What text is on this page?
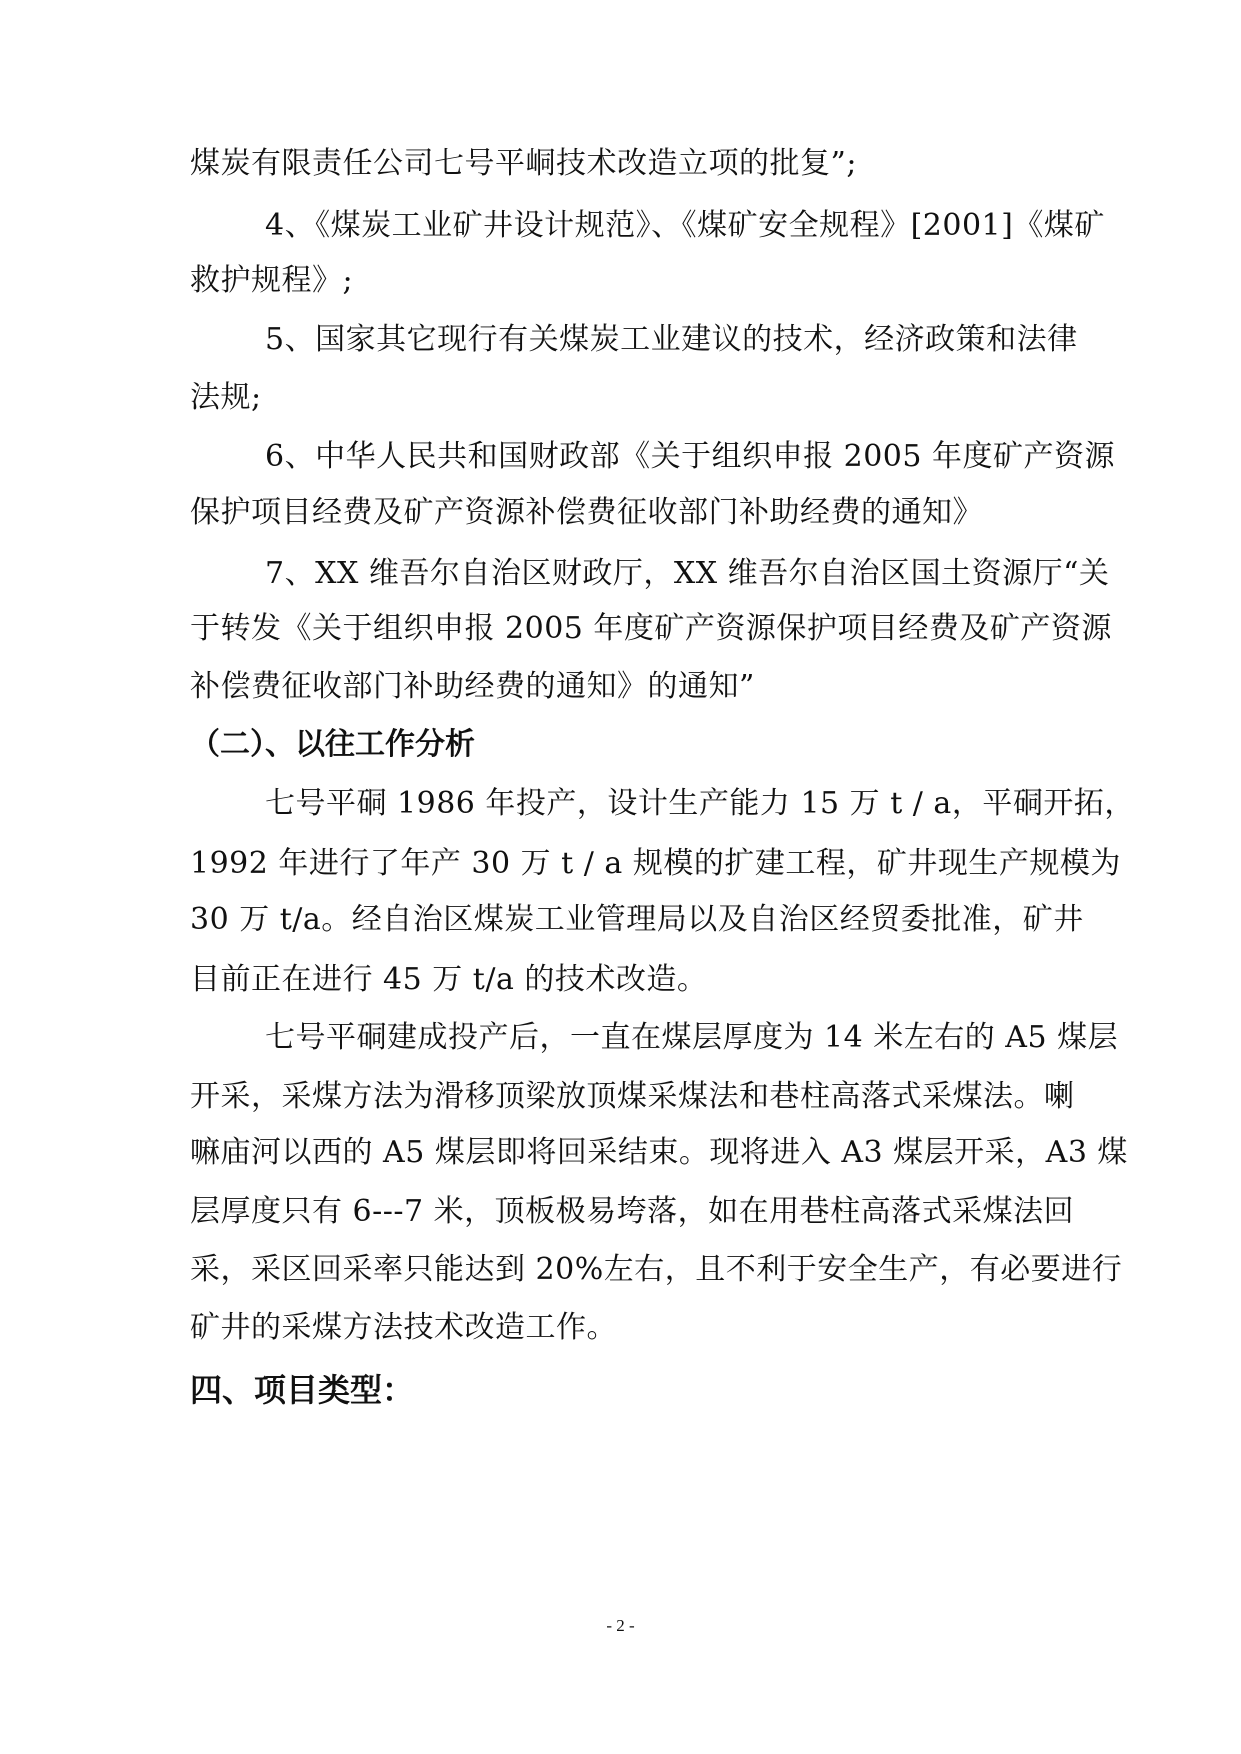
煤炭有限责任公司七号平峒技术改造立项的批复”;
4、《煤炭工业矿井设计规范》、《煤矿安全规程》[2001]《煤矿
救护规程》;
5、国家其它现行有关煤炭工业建议的技术，经济政策和法律
法规;
6、中华人民共和国财政部《关于组织申报 2005 年度矿产资源
保护项目经费及矿产资源补偿费征收部门补助经费的通知》
7、XX 维吾尔自治区财政厅，XX 维吾尔自治区国土资源厅“关
于转发《关于组织申报 2005 年度矿产资源保护项目经费及矿产资源
补偿费征收部门补助经费的通知》的通知”
（二）、以往工作分析
七号平硐 1986 年投产，设计生产能力 15 万 t / a，平硐开拓，
1992 年进行了年产 30 万 t / a 规模的扩建工程，矿井现生产规模为
30 万 t/a。经自治区煤炭工业管理局以及自治区经贸委批准，矿井
目前正在进行 45 万 t/a 的技术改造。
七号平硐建成投产后，一直在煤层厚度为 14 米左右的 A5 煤层
开采，采煤方法为滑移顶梁放顶煤采煤法和巷柱高落式采煤法。喇
嘛庙河以西的 A5 煤层即将回采结束。现将进入 A3 煤层开采，A3 煤
层厚度只有 6---7 米，顶板极易垮落，如在用巷柱高落式采煤法回
采，采区回采率只能达到 20%左右，且不利于安全生产，有必要进行
矿井的采煤方法技术改造工作。
四、项目类型：
- 2 -
